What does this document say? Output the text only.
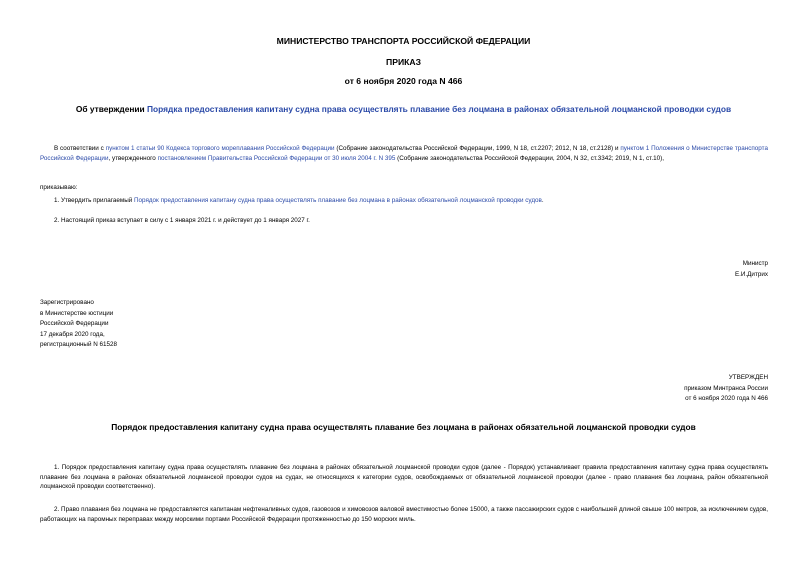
МИНИСТЕРСТВО ТРАНСПОРТА РОССИЙСКОЙ ФЕДЕРАЦИИ
ПРИКАЗ
от 6 ноября 2020 года N 466
Об утверждении Порядка предоставления капитану судна права осуществлять плавание без лоцмана в районах обязательной лоцманской проводки судов
В соответствии с пунктом 1 статьи 90 Кодекса торгового мореплавания Российской Федерации (Собрание законодательства Российской Федерации, 1999, N 18, ст.2207; 2012, N 18, ст.2128) и пунктом 1 Положения о Министерстве транспорта Российской Федерации, утвержденного постановлением Правительства Российской Федерации от 30 июля 2004 г. N 395 (Собрание законодательства Российской Федерации, 2004, N 32, ст.3342; 2019, N 1, ст.10),
приказываю:
1. Утвердить прилагаемый Порядок предоставления капитану судна права осуществлять плавание без лоцмана в районах обязательной лоцманской проводки судов.
2. Настоящий приказ вступает в силу с 1 января 2021 г. и действует до 1 января 2027 г.
Министр
Е.И.Дитрих
Зарегистрировано
в Министерстве юстиции
Российской Федерации
17 декабря 2020 года,
регистрационный N 61528
УТВЕРЖДЕН
приказом Минтранса России
от 6 ноября 2020 года N 466
Порядок предоставления капитану судна права осуществлять плавание без лоцмана в районах обязательной лоцманской проводки судов
1. Порядок предоставления капитану судна права осуществлять плавание без лоцмана в районах обязательной лоцманской проводки судов (далее - Порядок) устанавливает правила предоставления капитану судна права осуществлять плавание без лоцмана в районах обязательной лоцманской проводки судов на судах, не относящихся к категории судов, освобождаемых от обязательной лоцманской проводки (далее - право плавания без лоцмана, район обязательной лоцманской проводки соответственно).
2. Право плавания без лоцмана не предоставляется капитанам нефтеналивных судов, газовозов и химовозов валовой вместимостью более 15000, а также пассажирских судов с наибольшей длиной свыше 100 метров, за исключением судов, работающих на паромных переправах между морскими портами Российской Федерации протяженностью до 150 морских миль.
